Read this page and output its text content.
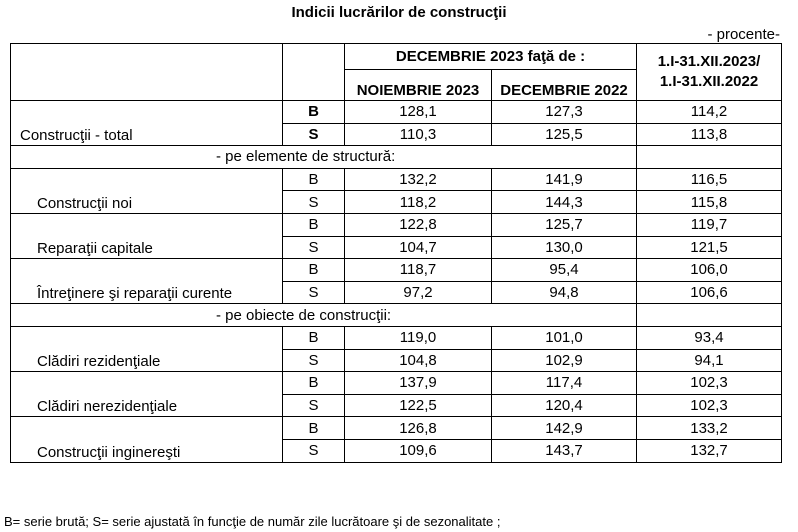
Indicii lucrărilor de construcţii
- procente-
		DECEMBRIE 2023 faţă de :		1.I-31.XII.2023/
1.I-31.XII.2022
		NOIEMBRIE 2023	DECEMBRIE 2022	
Construcţii - total	B	128,1	127,3	114,2
	S	110,3	125,5	113,8
- pe elemente de structură:				
Construcţii noi	B	132,2	141,9	116,5
	S	118,2	144,3	115,8
Reparaţii capitale	B	122,8	125,7	119,7
	S	104,7	130,0	121,5
Întreţinere şi reparaţii curente	B	118,7	95,4	106,0
	S	97,2	94,8	106,6
- pe obiecte de construcţii:				
Clădiri rezidenţiale	B	119,0	101,0	93,4
	S	104,8	102,9	94,1
Clădiri nerezidenţiale	B	137,9	117,4	102,3
	S	122,5	120,4	102,3
Construcţii inginereşti	B	126,8	142,9	133,2
	S	109,6	143,7	132,7
B= serie brută; S= serie ajustată în funcţie de număr zile lucrătoare şi de sezonalitate ;
